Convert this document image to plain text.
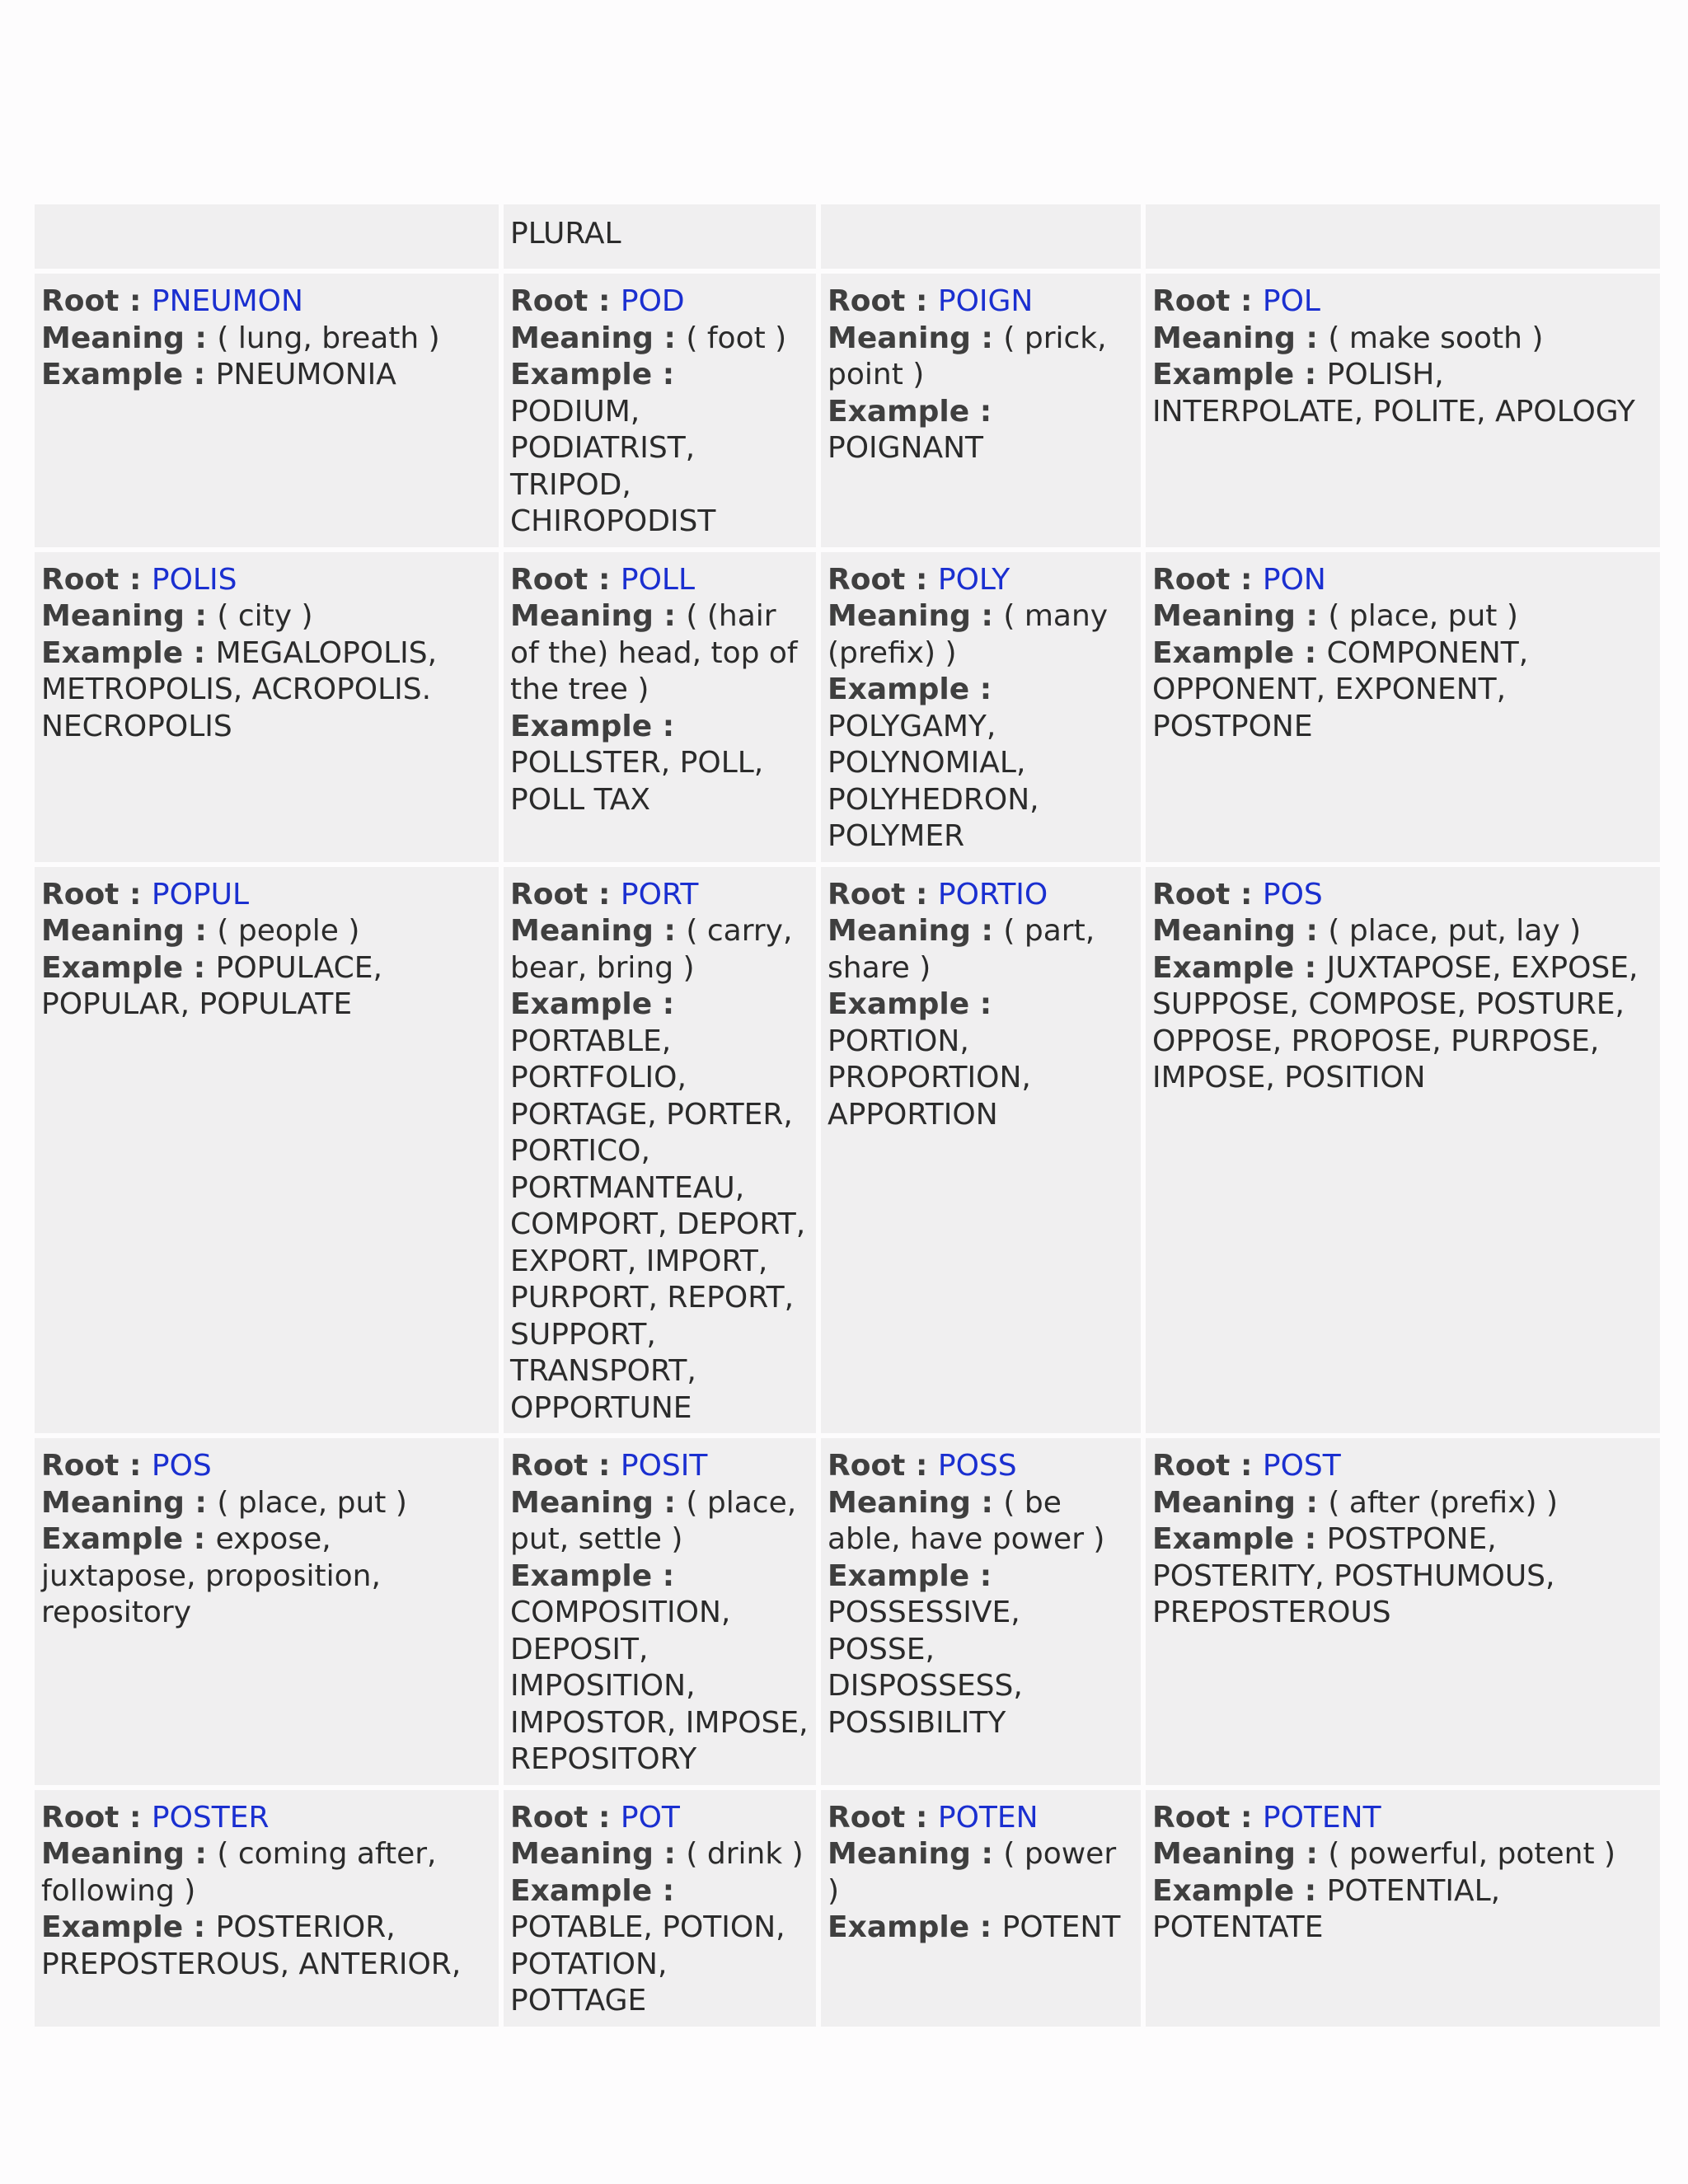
	PLURAL		

Root : PNEUMON
Meaning : ( lung, breath )
Example : PNEUMONIA	Root : POD
Meaning : ( foot )
Example : PODIUM, PODIATRIST, TRIPOD, CHIROPODIST	Root : POIGN
Meaning : ( prick, point )
Example : POIGNANT	Root : POL
Meaning : ( make sooth )
Example : POLISH, INTERPOLATE, POLITE, APOLOGY

Root : POLIS
Meaning : ( city )
Example : MEGALOPOLIS, METROPOLIS, ACROPOLIS. NECROPOLIS	Root : POLL
Meaning : ( (hair of the) head, top of the tree )
Example : POLLSTER, POLL, POLL TAX	Root : POLY
Meaning : ( many (prefix) )
Example : POLYGAMY, POLYNOMIAL, POLYHEDRON, POLYMER	Root : PON
Meaning : ( place, put )
Example : COMPONENT, OPPONENT, EXPONENT, POSTPONE

Root : POPUL
Meaning : ( people )
Example : POPULACE, POPULAR, POPULATE	Root : PORT
Meaning : ( carry, bear, bring )
Example : PORTABLE, PORTFOLIO, PORTAGE, PORTER, PORTICO, PORTMANTEAU, COMPORT, DEPORT, EXPORT, IMPORT, PURPORT, REPORT, SUPPORT, TRANSPORT, OPPORTUNE	Root : PORTIO
Meaning : ( part, share )
Example : PORTION, PROPORTION, APPORTION	Root : POS
Meaning : ( place, put, lay )
Example : JUXTAPOSE, EXPOSE, SUPPOSE, COMPOSE, POSTURE, OPPOSE, PROPOSE, PURPOSE, IMPOSE, POSITION

Root : POS
Meaning : ( place, put )
Example : expose, juxtapose, proposition, repository	Root : POSIT
Meaning : ( place, put, settle )
Example : COMPOSITION, DEPOSIT, IMPOSITION, IMPOSTOR, IMPOSE, REPOSITORY	Root : POSS
Meaning : ( be able, have power )
Example : POSSESSIVE, POSSE, DISPOSSESS, POSSIBILITY	Root : POST
Meaning : ( after (prefix) )
Example : POSTPONE, POSTERITY, POSTHUMOUS, PREPOSTEROUS

Root : POSTER
Meaning : ( coming after, following )
Example : POSTERIOR, PREPOSTEROUS, ANTERIOR,	Root : POT
Meaning : ( drink )
Example : POTABLE, POTION, POTATION, POTTAGE	Root : POTEN
Meaning : ( power )
Example : POTENT	Root : POTENT
Meaning : ( powerful, potent )
Example : POTENTIAL, POTENTATE
